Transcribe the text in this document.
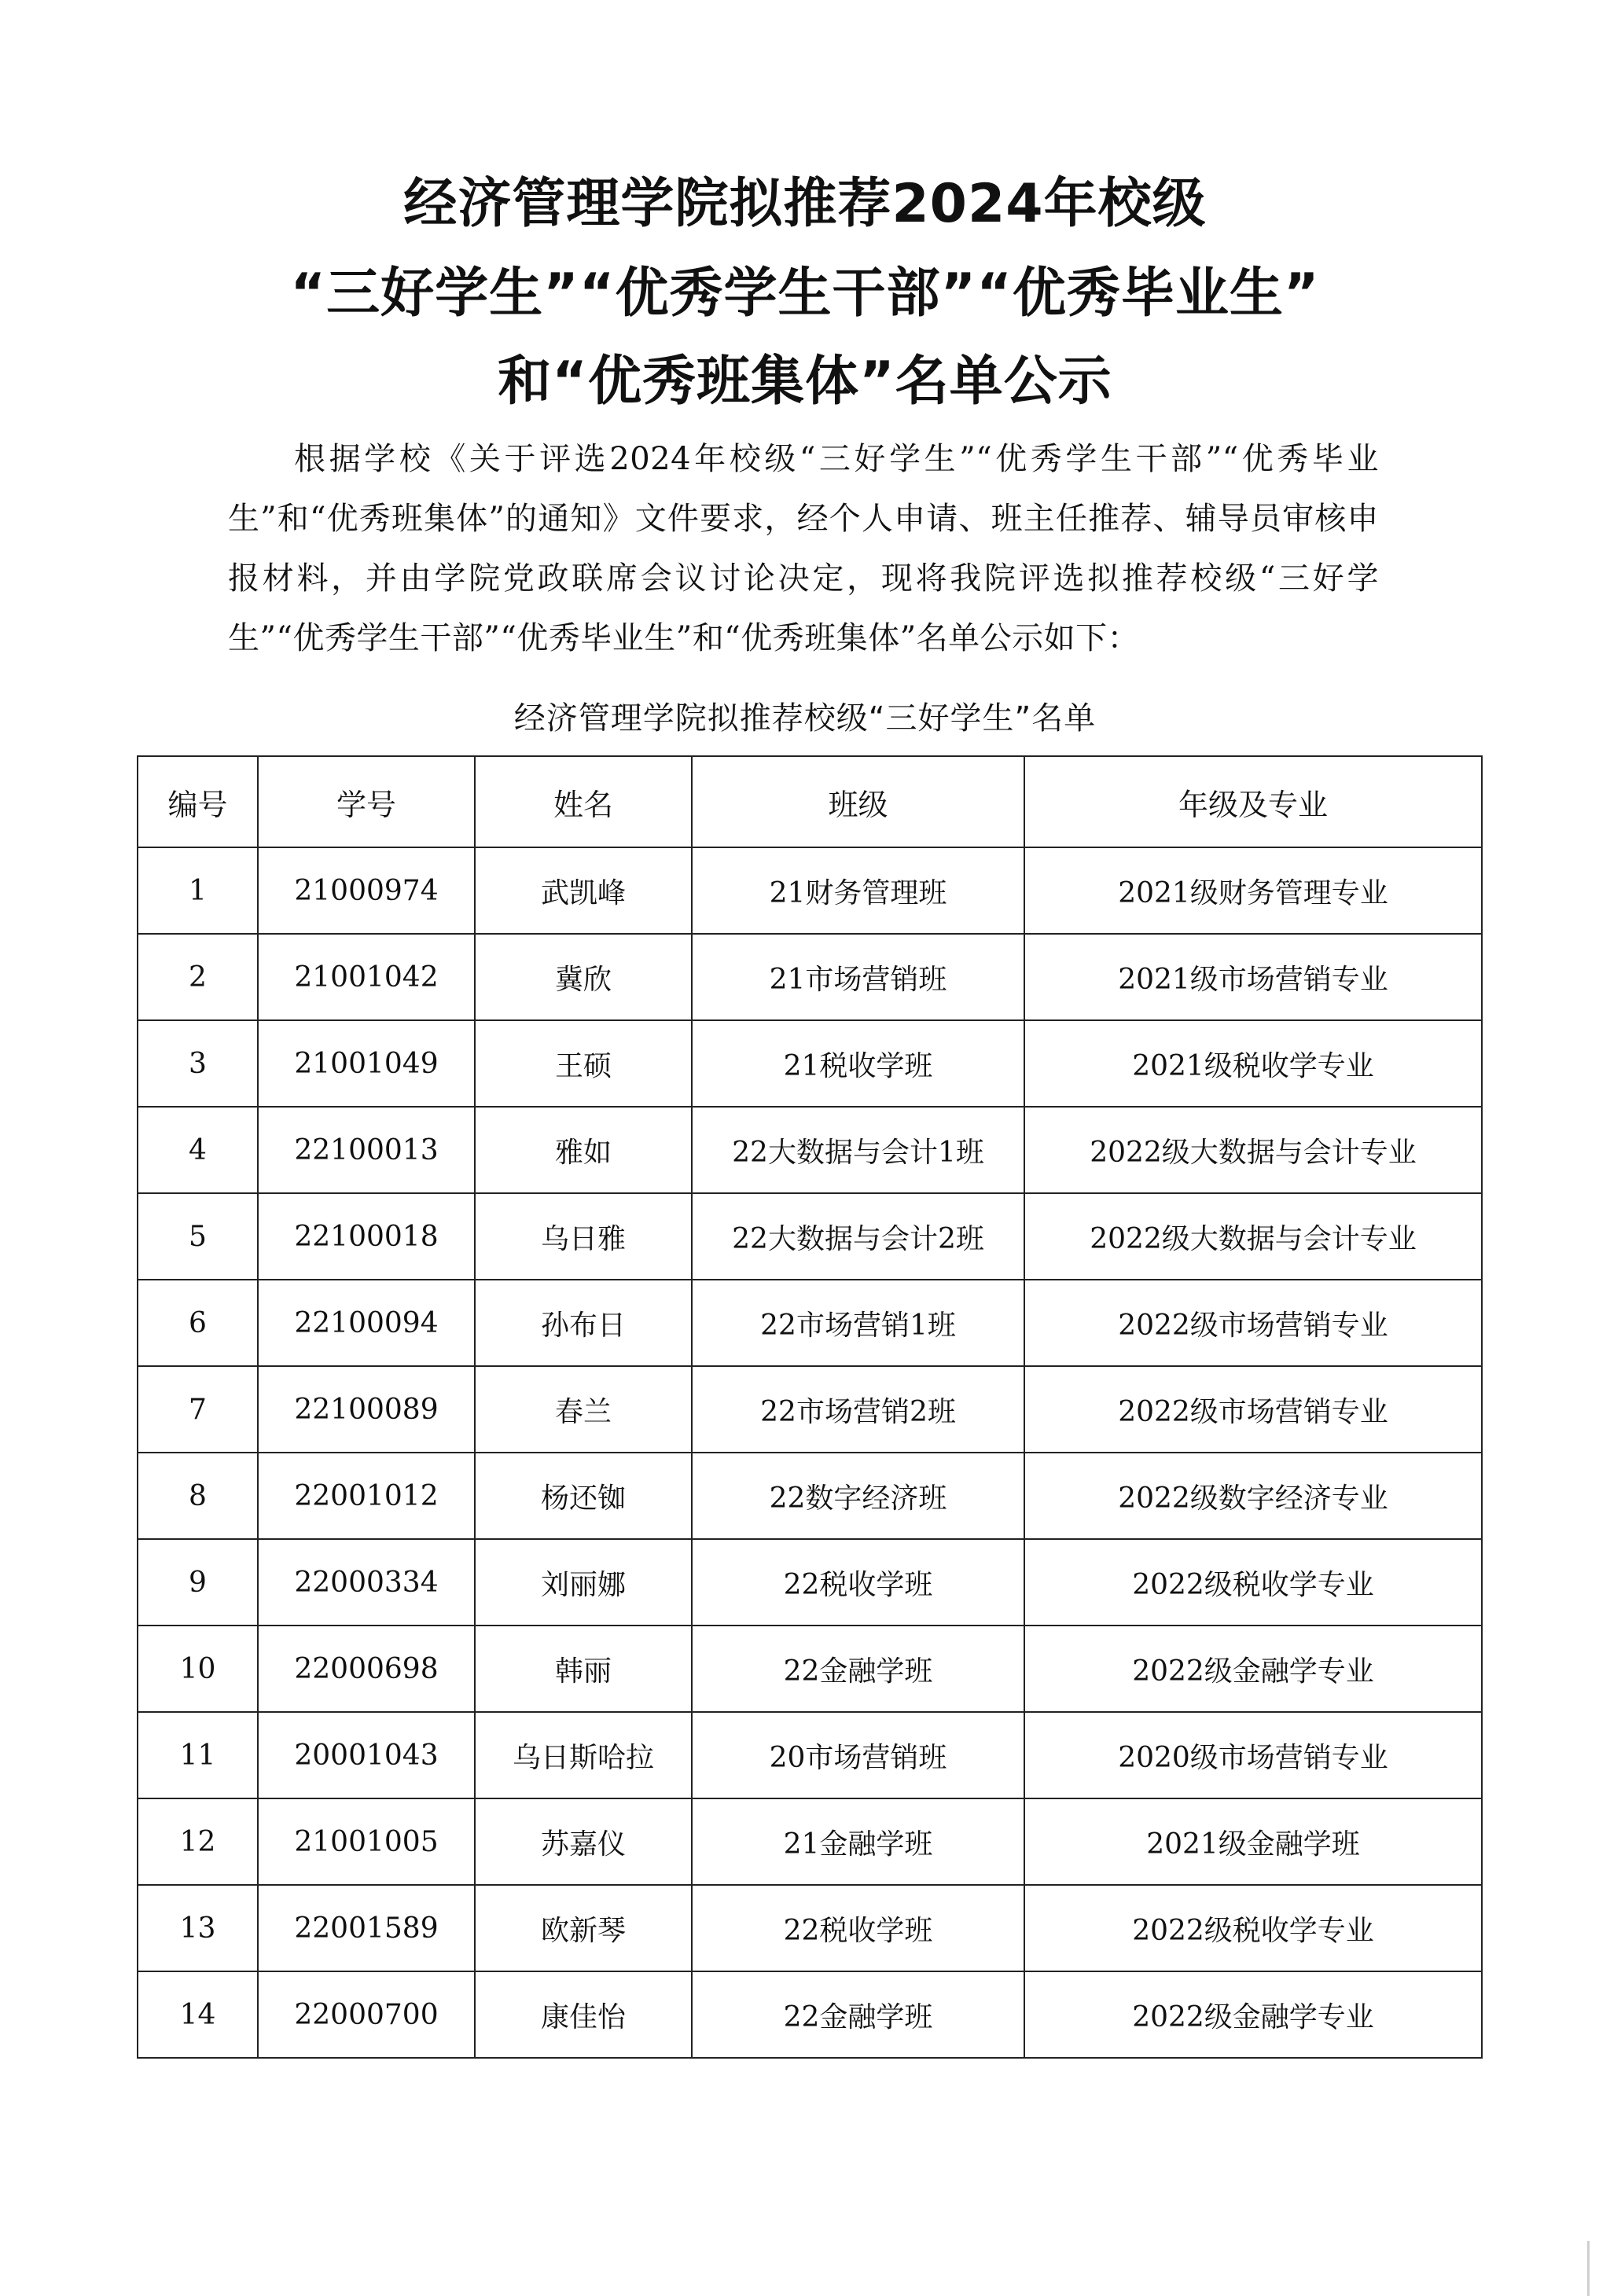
经济管理学院拟推荐2024年校级
“三好学生”“优秀学生干部”“优秀毕业生”
和“优秀班集体”名单公示

根据学校《关于评选2024年校级“三好学生”“优秀学生干部”“优秀毕业生”和“优秀班集体”的通知》文件要求，经个人申请、班主任推荐、辅导员审核申报材料，并由学院党政联席会议讨论决定，现将我院评选拟推荐校级“三好学生”“优秀学生干部”“优秀毕业生”和“优秀班集体”名单公示如下：

经济管理学院拟推荐校级“三好学生”名单

编号	学号	姓名	班级	年级及专业
1	21000974	武凯峰	21财务管理班	2021级财务管理专业
2	21001042	冀欣	21市场营销班	2021级市场营销专业
3	21001049	王硕	21税收学班	2021级税收学专业
4	22100013	雅如	22大数据与会计1班	2022级大数据与会计专业
5	22100018	乌日雅	22大数据与会计2班	2022级大数据与会计专业
6	22100094	孙布日	22市场营销1班	2022级市场营销专业
7	22100089	春兰	22市场营销2班	2022级市场营销专业
8	22001012	杨还铷	22数字经济班	2022级数字经济专业
9	22000334	刘丽娜	22税收学班	2022级税收学专业
10	22000698	韩丽	22金融学班	2022级金融学专业
11	20001043	乌日斯哈拉	20市场营销班	2020级市场营销专业
12	21001005	苏嘉仪	21金融学班	2021级金融学班
13	22001589	欧新琴	22税收学班	2022级税收学专业
14	22000700	康佳怡	22金融学班	2022级金融学专业
